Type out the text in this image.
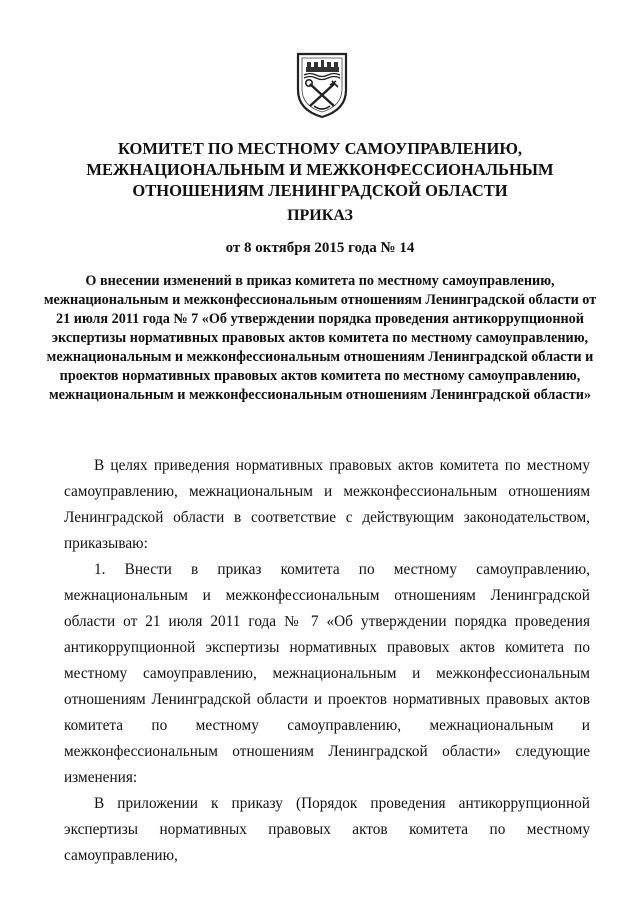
КОМИТЕТ ПО МЕСТНОМУ САМОУПРАВЛЕНИЮ, МЕЖНАЦИОНАЛЬНЫМ И МЕЖКОНФЕССИОНАЛЬНЫМ ОТНОШЕНИЯМ ЛЕНИНГРАДСКОЙ ОБЛАСТИ
ПРИКАЗ
от 8 октября 2015 года № 14
О внесении изменений в приказ комитета по местному самоуправлению, межнациональным и межконфессиональным отношениям Ленинградской области от 21 июля 2011 года № 7 «Об утверждении порядка проведения антикоррупционной экспертизы нормативных правовых актов комитета по местному самоуправлению, межнациональным и межконфессиональным отношениям Ленинградской области и проектов нормативных правовых актов комитета по местному самоуправлению, межнациональным и межконфессиональным отношениям Ленинградской области»

В целях приведения нормативных правовых актов комитета по местному самоуправлению, межнациональным и межконфессиональным отношениям Ленинградской области в соответствие с действующим законодательством, приказываю:

1. Внести в приказ комитета по местному самоуправлению, межнациональным и межконфессиональным отношениям Ленинградской области от 21 июля 2011 года № 7 «Об утверждении порядка проведения антикоррупционной экспертизы нормативных правовых актов комитета по местному самоуправлению, межнациональным и межконфессиональным отношениям Ленинградской области и проектов нормативных правовых актов комитета по местному самоуправлению, межнациональным и межконфессиональным отношениям Ленинградской области» следующие изменения:

В приложении к приказу (Порядок проведения антикоррупционной экспертизы нормативных правовых актов комитета по местному самоуправлению,
